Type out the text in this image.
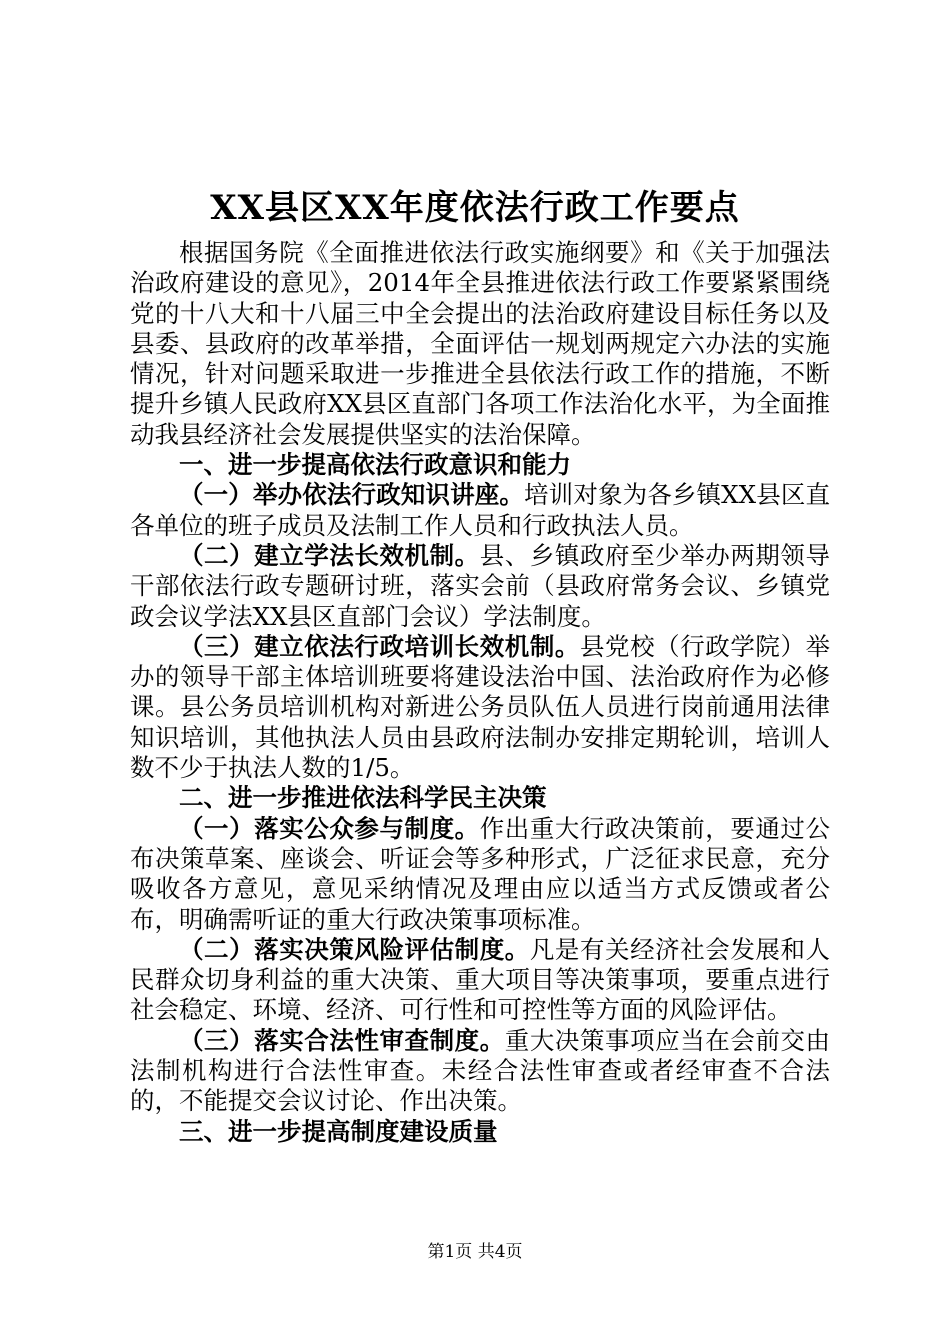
XX县区XX年度依法行政工作要点

根据国务院《全面推进依法行政实施纲要》和《关于加强法治政府建设的意见》，2014年全县推进依法行政工作要紧紧围绕党的十八大和十八届三中全会提出的法治政府建设目标任务以及县委、县政府的改革举措，全面评估一规划两规定六办法的实施情况，针对问题采取进一步推进全县依法行政工作的措施，不断提升乡镇人民政府XX县区直部门各项工作法治化水平，为全面推动我县经济社会发展提供坚实的法治保障。

一、进一步提高依法行政意识和能力

（一）举办依法行政知识讲座。培训对象为各乡镇XX县区直各单位的班子成员及法制工作人员和行政执法人员。

（二）建立学法长效机制。县、乡镇政府至少举办两期领导干部依法行政专题研讨班，落实会前（县政府常务会议、乡镇党政会议学法XX县区直部门会议）学法制度。

（三）建立依法行政培训长效机制。县党校（行政学院）举办的领导干部主体培训班要将建设法治中国、法治政府作为必修课。县公务员培训机构对新进公务员队伍人员进行岗前通用法律知识培训，其他执法人员由县政府法制办安排定期轮训，培训人数不少于执法人数的1/5。

二、进一步推进依法科学民主决策

（一）落实公众参与制度。作出重大行政决策前，要通过公布决策草案、座谈会、听证会等多种形式，广泛征求民意，充分吸收各方意见，意见采纳情况及理由应以适当方式反馈或者公布，明确需听证的重大行政决策事项标准。

（二）落实决策风险评估制度。凡是有关经济社会发展和人民群众切身利益的重大决策、重大项目等决策事项，要重点进行社会稳定、环境、经济、可行性和可控性等方面的风险评估。

（三）落实合法性审查制度。重大决策事项应当在会前交由法制机构进行合法性审查。未经合法性审查或者经审查不合法的，不能提交会议讨论、作出决策。

三、进一步提高制度建设质量

第1页 共4页
